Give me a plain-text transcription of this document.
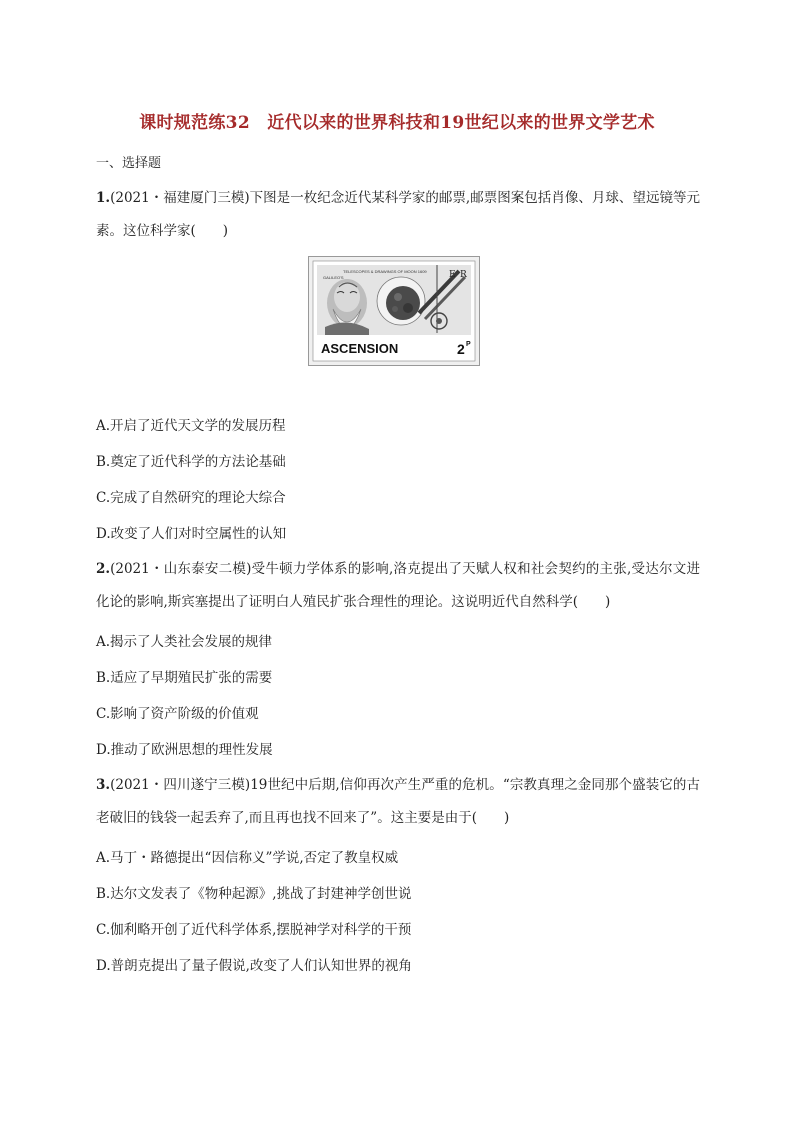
课时规范练32　近代以来的世界科技和19世纪以来的世界文学艺术
一、选择题
1.(2021・福建厦门三模)下图是一枚纪念近代某科学家的邮票,邮票图案包括肖像、月球、望远镜等元素。这位科学家(　　)
GALILEO'S
TELESCOPES & DRAWINGS OF MOON 1609 E R
ASCENSION	2 P
A.开启了近代天文学的发展历程
B.奠定了近代科学的方法论基础
C.完成了自然研究的理论大综合
D.改变了人们对时空属性的认知
2.(2021・山东泰安二模)受牛顿力学体系的影响,洛克提出了天赋人权和社会契约的主张,受达尔文进化论的影响,斯宾塞提出了证明白人殖民扩张合理性的理论。这说明近代自然科学(　　)
A.揭示了人类社会发展的规律
B.适应了早期殖民扩张的需要
C.影响了资产阶级的价值观
D.推动了欧洲思想的理性发展
3.(2021・四川遂宁三模)19世纪中后期,信仰再次产生严重的危机。“宗教真理之金同那个盛装它的古老破旧的钱袋一起丢弃了,而且再也找不回来了”。这主要是由于(　　)
A.马丁・路德提出“因信称义”学说,否定了教皇权威
B.达尔文发表了《物种起源》,挑战了封建神学创世说
C.伽利略开创了近代科学体系,摆脱神学对科学的干预
D.普朗克提出了量子假说,改变了人们认知世界的视角
